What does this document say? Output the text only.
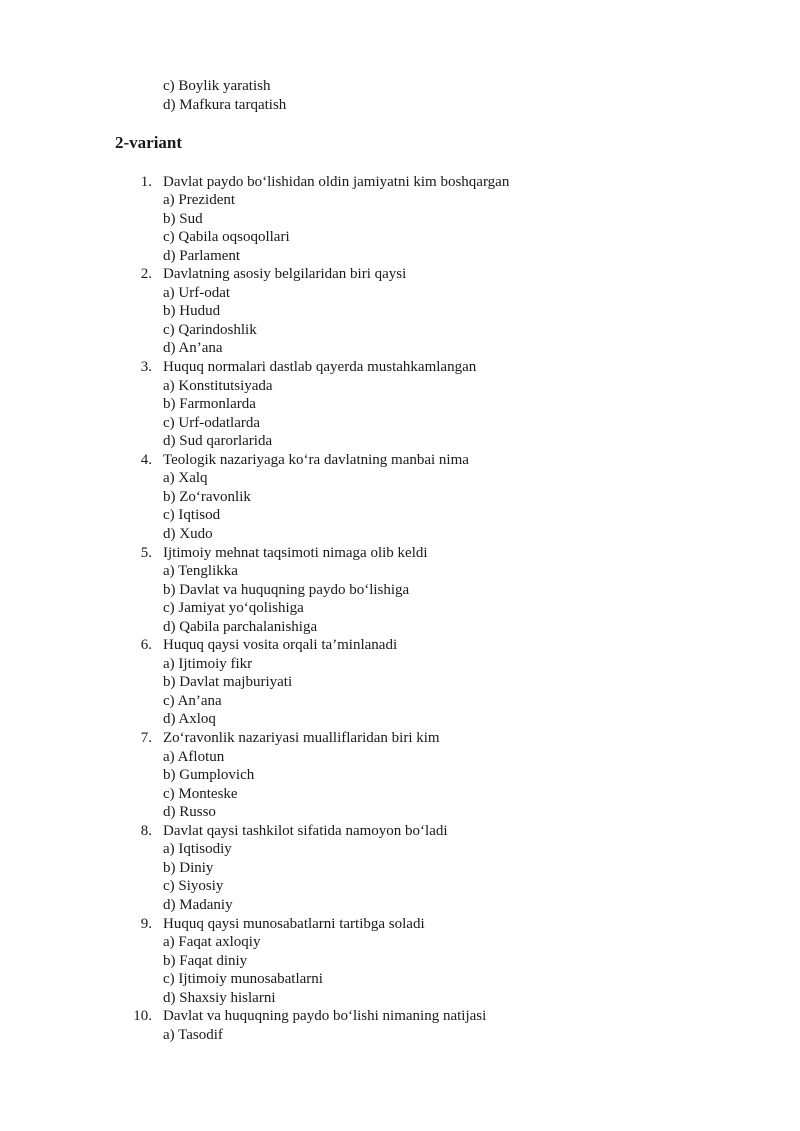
c) Boylik yaratish
d) Mafkura tarqatish
2-variant
1. Davlat paydo bo‘lishidan oldin jamiyatni kim boshqargan
a) Prezident
b) Sud
c) Qabila oqsoqollari
d) Parlament
2. Davlatning asosiy belgilaridan biri qaysi
a) Urf-odat
b) Hudud
c) Qarindoshlik
d) An’ana
3. Huquq normalari dastlab qayerda mustahkamlangan
a) Konstitutsiyada
b) Farmonlarda
c) Urf-odatlarda
d) Sud qarorlarida
4. Teologik nazariyaga ko‘ra davlatning manbai nima
a) Xalq
b) Zo‘ravonlik
c) Iqtisod
d) Xudo
5. Ijtimoiy mehnat taqsimoti nimaga olib keldi
a) Tenglikka
b) Davlat va huquqning paydo bo‘lishiga
c) Jamiyat yo‘qolishiga
d) Qabila parchalanishiga
6. Huquq qaysi vosita orqali ta’minlanadi
a) Ijtimoiy fikr
b) Davlat majburiyati
c) An’ana
d) Axloq
7. Zo‘ravonlik nazariyasi mualliflaridan biri kim
a) Aflotun
b) Gumplovich
c) Monteske
d) Russo
8. Davlat qaysi tashkilot sifatida namoyon bo‘ladi
a) Iqtisodiy
b) Diniy
c) Siyosiy
d) Madaniy
9. Huquq qaysi munosabatlarni tartibga soladi
a) Faqat axloqiy
b) Faqat diniy
c) Ijtimoiy munosabatlarni
d) Shaxsiy hislarni
10. Davlat va huquqning paydo bo‘lishi nimaning natijasi
a) Tasodif
